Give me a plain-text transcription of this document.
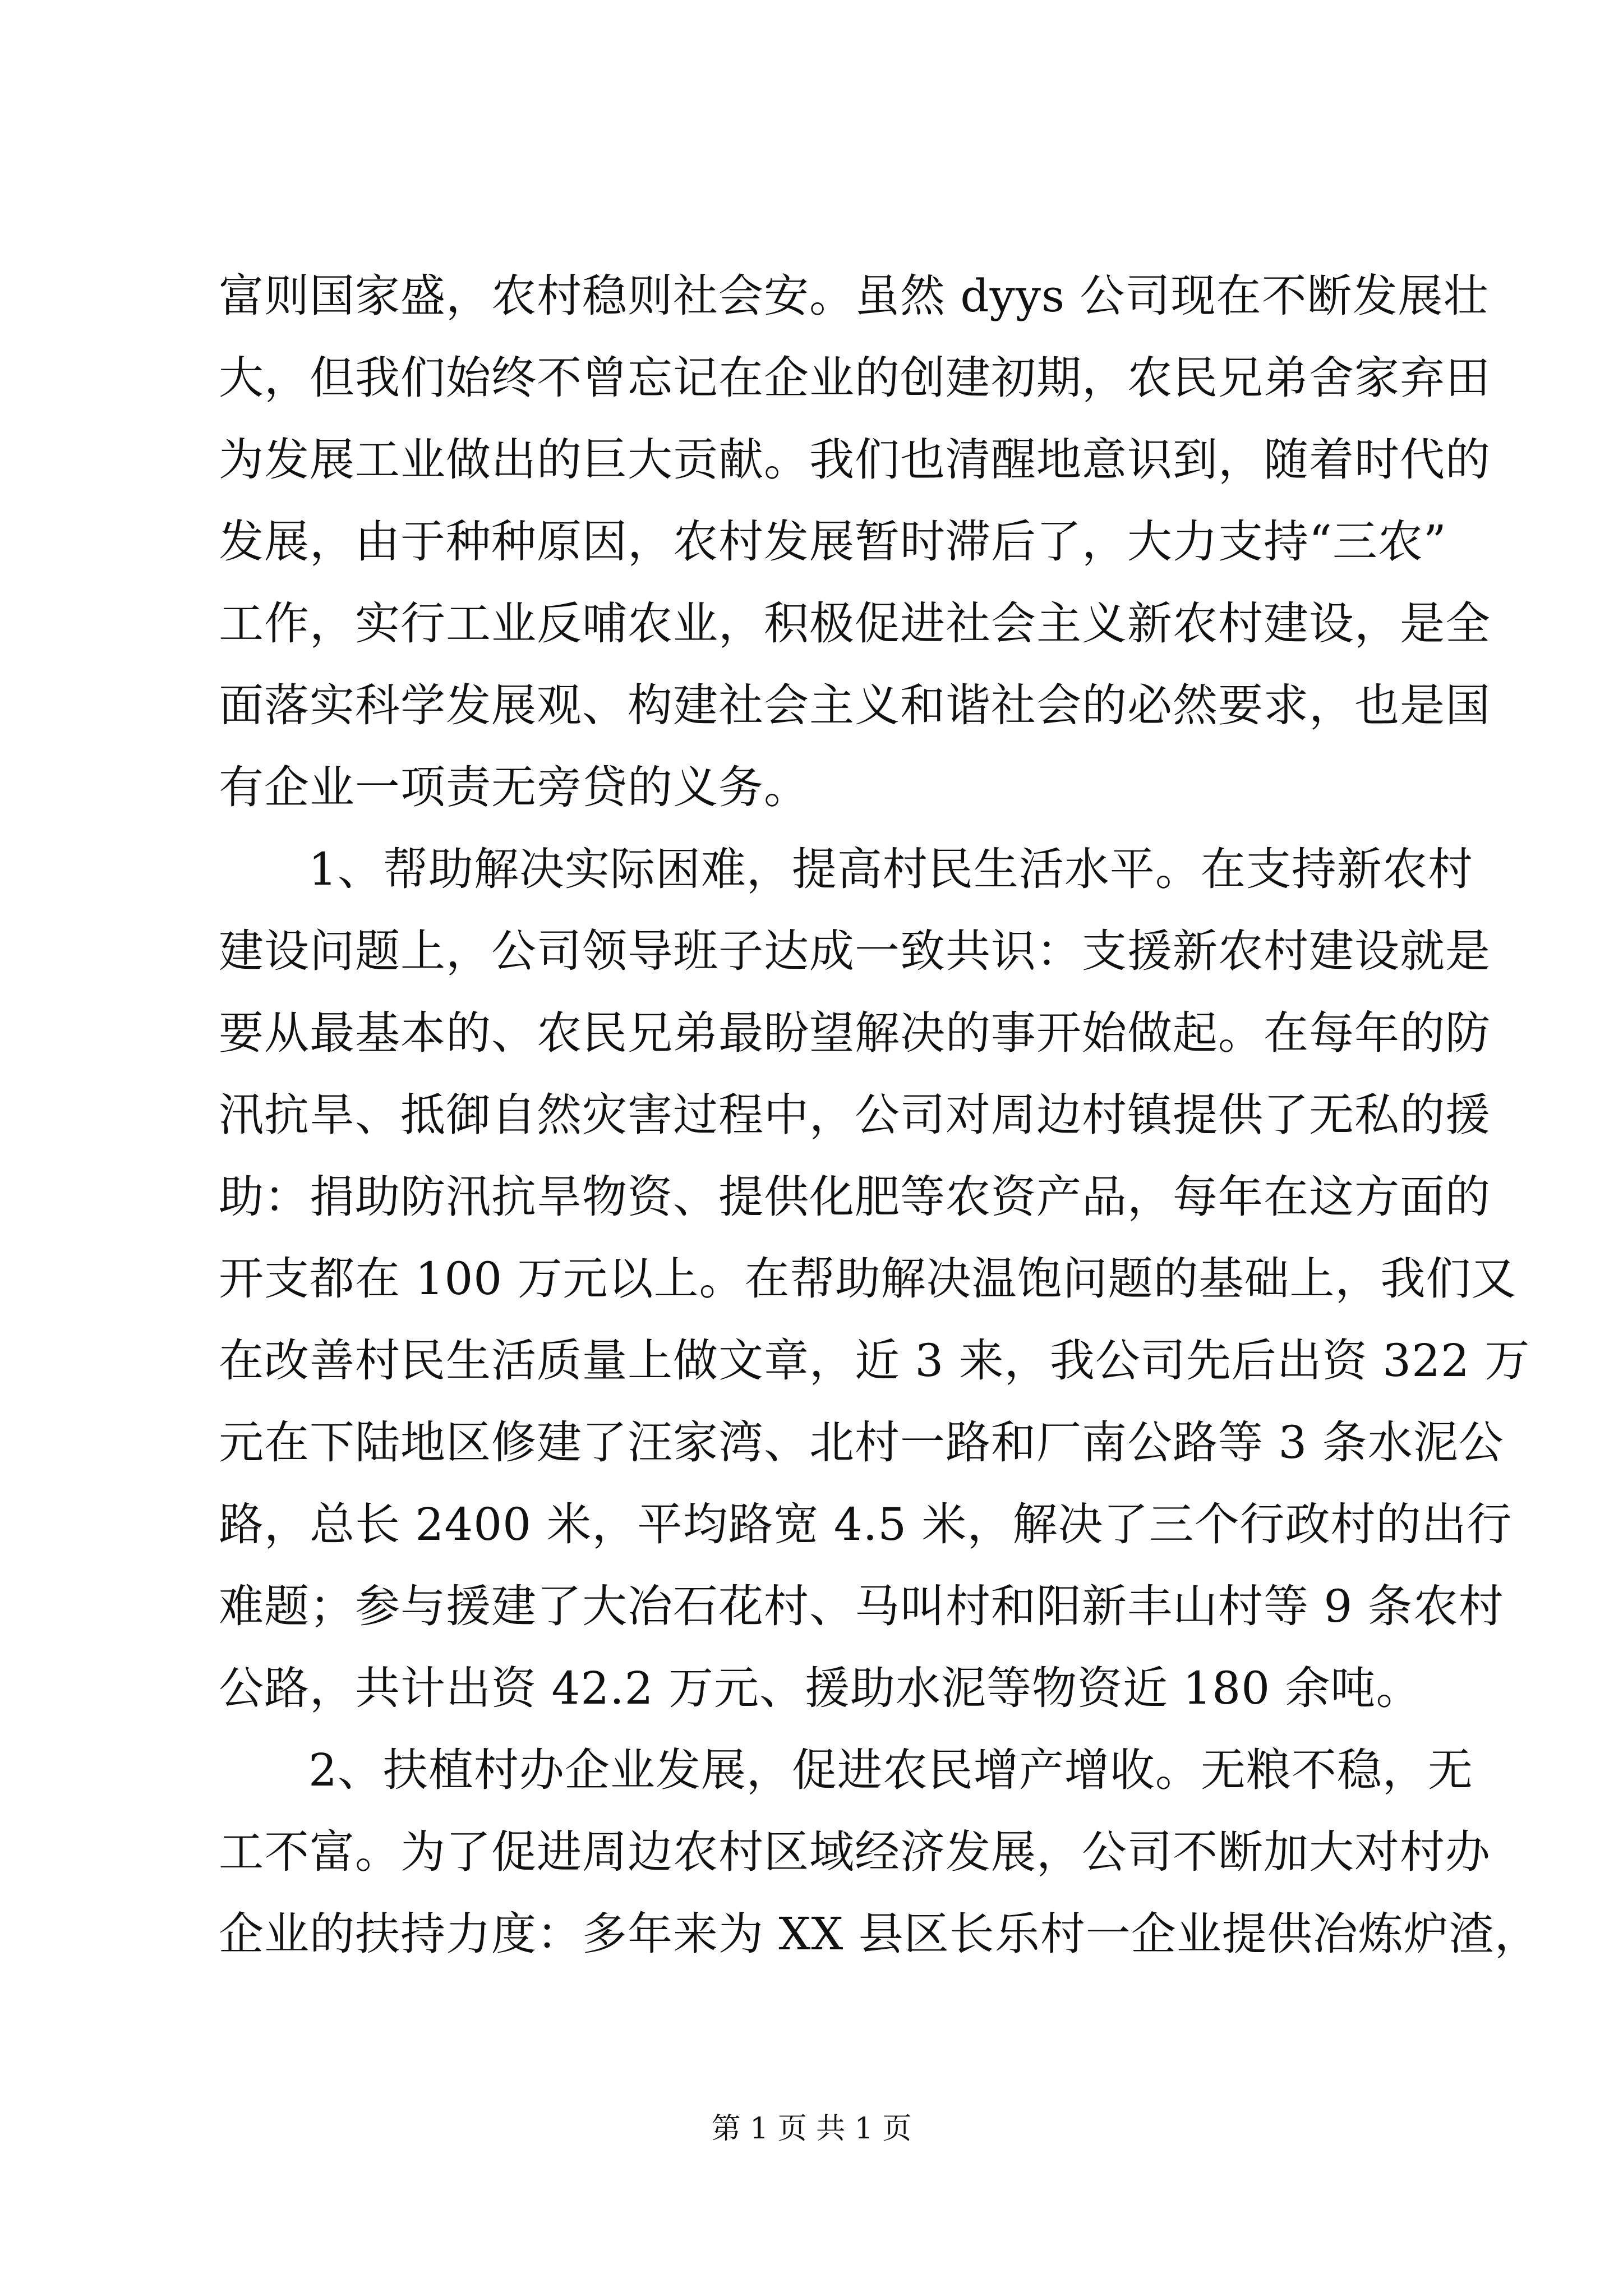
富则国家盛，农村稳则社会安。虽然 dyys 公司现在不断发展壮
大，但我们始终不曾忘记在企业的创建初期，农民兄弟舍家弃田
为发展工业做出的巨大贡献。我们也清醒地意识到，随着时代的
发展，由于种种原因，农村发展暂时滞后了，大力支持“三农”
工作，实行工业反哺农业，积极促进社会主义新农村建设，是全
面落实科学发展观、构建社会主义和谐社会的必然要求，也是国
有企业一项责无旁贷的义务。
1、帮助解决实际困难，提高村民生活水平。在支持新农村
建设问题上，公司领导班子达成一致共识：支援新农村建设就是
要从最基本的、农民兄弟最盼望解决的事开始做起。在每年的防
汛抗旱、抵御自然灾害过程中，公司对周边村镇提供了无私的援
助：捐助防汛抗旱物资、提供化肥等农资产品，每年在这方面的
开支都在 100 万元以上。在帮助解决温饱问题的基础上，我们又
在改善村民生活质量上做文章，近 3 来，我公司先后出资 322 万
元在下陆地区修建了汪家湾、北村一路和厂南公路等 3 条水泥公
路，总长 2400 米，平均路宽 4.5 米，解决了三个行政村的出行
难题；参与援建了大冶石花村、马叫村和阳新丰山村等 9 条农村
公路，共计出资 42.2 万元、援助水泥等物资近 180 余吨。
2、扶植村办企业发展，促进农民增产增收。无粮不稳，无
工不富。为了促进周边农村区域经济发展，公司不断加大对村办
企业的扶持力度：多年来为 XX 县区长乐村一企业提供冶炼炉渣，
第 1 页 共 1 页
